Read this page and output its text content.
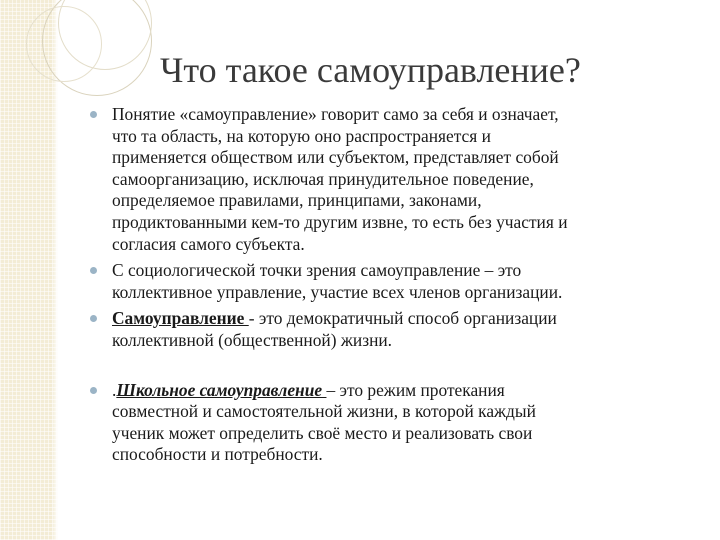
Что такое самоуправление?
Понятие «самоуправление» говорит само за себя и означает,
что та область, на которую оно распространяется и
применяется обществом или субъектом, представляет собой
самоорганизацию, исключая принудительное поведение,
определяемое правилами, принципами, законами,
продиктованными кем-то другим извне, то есть без участия и
согласия самого субъекта.
С социологической точки зрения самоуправление – это
коллективное управление, участие всех членов организации.
Самоуправление - это демократичный способ организации
коллективной (общественной) жизни.
.Школьное самоуправление – это режим протекания
совместной и самостоятельной жизни, в которой каждый
ученик может определить своё место и реализовать свои
способности и потребности.
